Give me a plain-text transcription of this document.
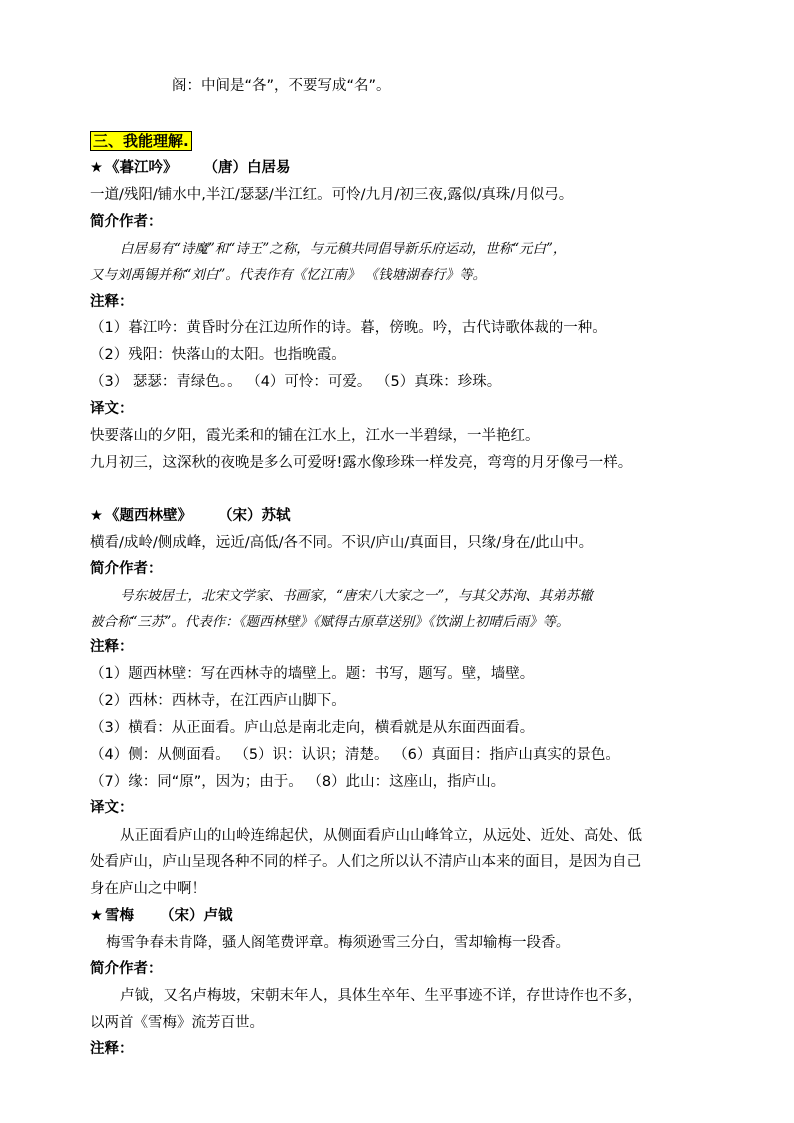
阁：中间是“各”，不要写成“名”。
三、我能理解.
★ 《暮江吟》 （唐）白居易
一道/残阳/铺水中,半江/瑟瑟/半江红。可怜/九月/初三夜,露似/真珠/月似弓。
简介作者：
白居易有“诗魔”和“诗王”之称，与元稹共同倡导新乐府运动，世称“元白”，
又与刘禹锡并称“刘白”。代表作有《忆江南》 《钱塘湖春行》等。
注释：
（1）暮江吟：黄昏时分在江边所作的诗。暮，傍晚。吟，古代诗歌体裁的一种。
（2）残阳：快落山的太阳。也指晚霞。
（3） 瑟瑟：青绿色。。 （4）可怜：可爱。 （5）真珠：珍珠。
译文：
快要落山的夕阳，霞光柔和的铺在江水上，江水一半碧绿，一半艳红。
九月初三，这深秋的夜晚是多么可爱呀!露水像珍珠一样发亮，弯弯的月牙像弓一样。
★ 《题西林壁》 （宋）苏轼
横看/成岭/侧成峰，远近/高低/各不同。不识/庐山/真面目，只缘/身在/此山中。
简介作者：
号东坡居士，北宋文学家、书画家，“唐宋八大家之一”，与其父苏洵、其弟苏辙
被合称“三苏”。代表作：《题西林壁》《赋得古原草送别》《饮湖上初晴后雨》等。
注释：
（1）题西林壁：写在西林寺的墙壁上。题：书写，题写。壁，墙壁。
（2）西林：西林寺，在江西庐山脚下。
（3）横看：从正面看。庐山总是南北走向，横看就是从东面西面看。
（4）侧：从侧面看。 （5）识：认识；清楚。 （6）真面目：指庐山真实的景色。
（7）缘：同“原”，因为；由于。 （8）此山：这座山，指庐山。
译文：
从正面看庐山的山岭连绵起伏，从侧面看庐山山峰耸立，从远处、近处、高处、低
处看庐山，庐山呈现各种不同的样子。人们之所以认不清庐山本来的面目，是因为自己
身在庐山之中啊！
★ 雪梅 （宋）卢钺
梅雪争春未肯降，骚人阁笔费评章。梅须逊雪三分白，雪却输梅一段香。
简介作者：
卢钺，又名卢梅坡，宋朝末年人，具体生卒年、生平事迹不详，存世诗作也不多，
以两首《雪梅》流芳百世。
注释：
